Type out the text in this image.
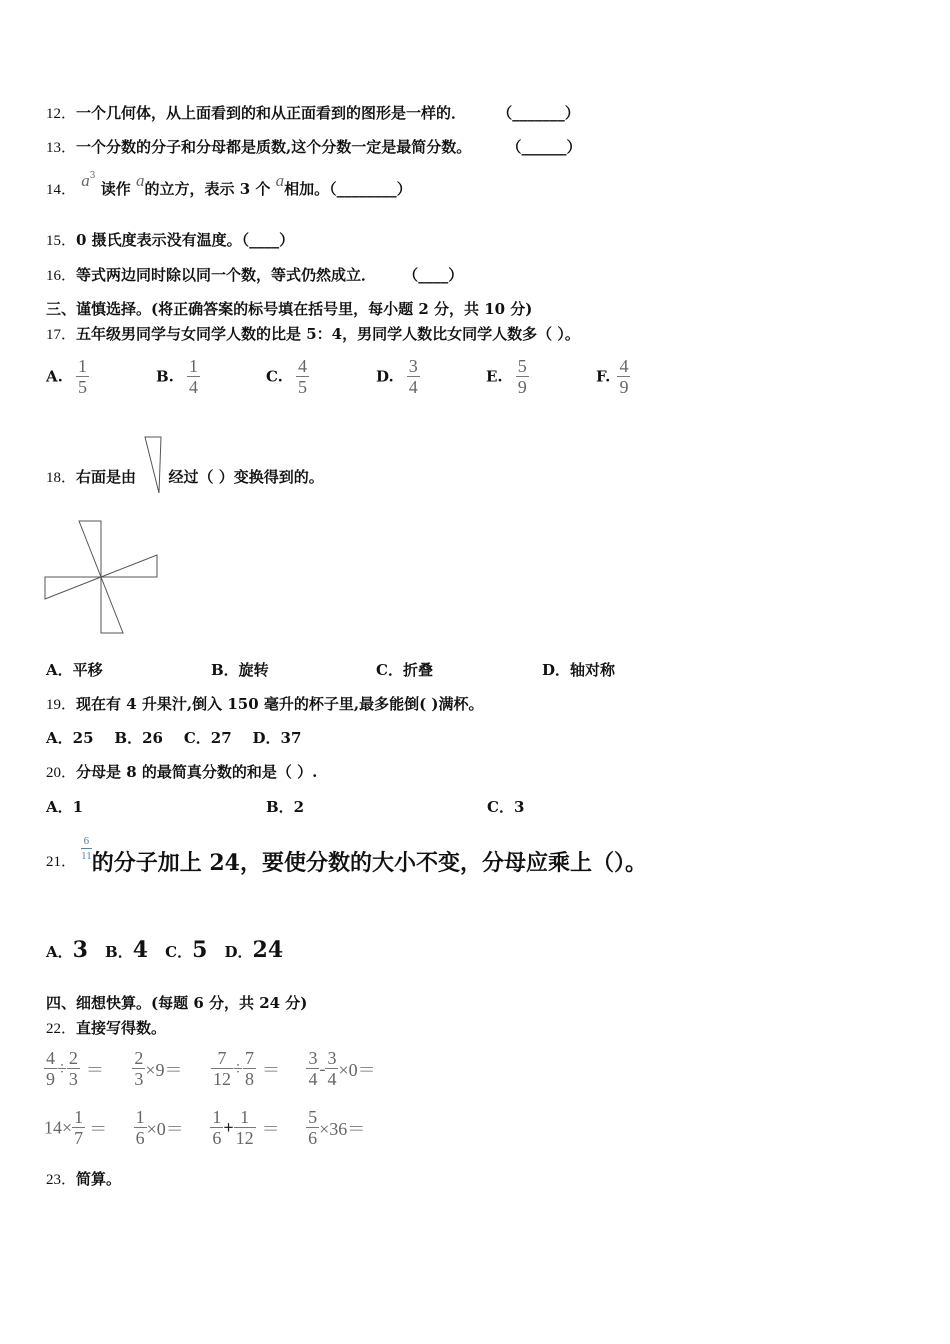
12．一个几何体，从上面看到的和从正面看到的图形是一样的． （_______）
13．一个分数的分子和分母都是质数,这个分数一定是最简分数。 （______）
14． $a^3$ 读作 a的立方，表示 3 个 a相加。（________）
15．0 摄氏度表示没有温度。（____）
16．等式两边同时除以同一个数，等式仍然成立． （____）
三、谨慎选择。(将正确答案的标号填在括号里，每小题 2 分，共 10 分)
17．五年级男同学与女同学人数的比是 5：4，男同学人数比女同学人数多（ ）。
A. $\frac{1}{5}$	B. $\frac{1}{4}$	C. $\frac{4}{5}$	D. $\frac{3}{4}$	E. $\frac{5}{9}$	F. $\frac{4}{9}$
18．右面是由 经过（ ）变换得到的。
A．平移	B．旋转	C．折叠	D．轴对称
19．现在有 4 升果汁,倒入 150 毫升的杯子里,最多能倒( )满杯。
A．25    B．26    C．27    D．37
20．分母是 8 的最简真分数的和是（ ）.
A．1	B．2	C．3
21． $\frac{6}{11}$ 的分子加上 24，要使分数的大小不变，分母应乘上（）。
A．3 B．4 C．5 D．24
四、细想快算。(每题 6 分，共 24 分)
22．直接写得数。
$\frac{4}{9} \div \frac{2}{3} = \frac{2}{3} \times 9= \frac{7}{12} \div \frac{7}{8} = \frac{3}{4} - \frac{3}{4} \times 0=$
$14\times \frac{1}{7} = \frac{1}{6} \times 0= \frac{1}{6} + \frac{1}{12} = \frac{5}{6} \times 36=$
23．简算。
